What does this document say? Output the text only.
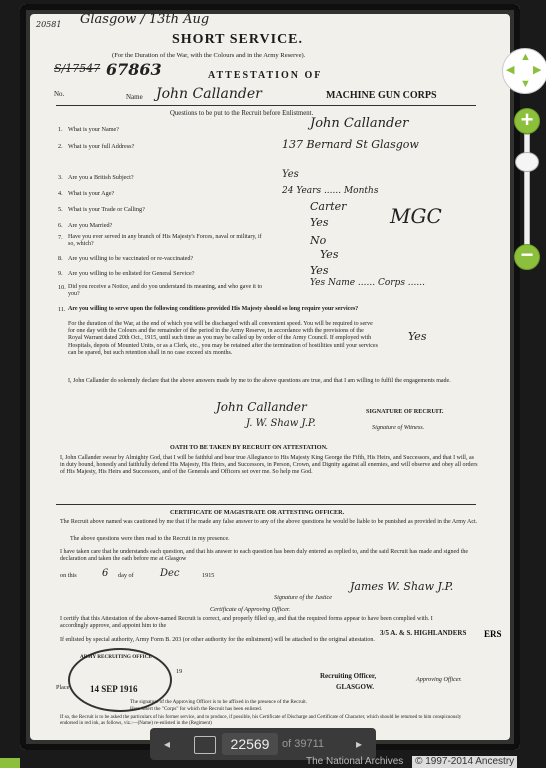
20581 Glasgow / 13th Aug
SHORT SERVICE.
(For the Duration of the War, with the Colours and in the Army Reserve).
S/17547 67863	ATTESTATION OF
MACHINE GUN CORPS
No.	Name John Callander
Questions to be put to the Recruit before Enlistment.
1. What is your Name?	John Callander
2. What is your full Address?	137 Bernard St Glasgow
3. Are you a British Subject?	Yes
4. What is your Age?	24 Years ...... Months
5. What is your Trade or Calling?	Carter
6. Are you Married?	Yes	MGC
7. Have you ever served in any branch of His Majesty's Forces, naval or military, if so, which?	No
8. Are you willing to be vaccinated or re-vaccinated?	Yes
9. Are you willing to be enlisted for General Service?	Yes
10. Did you receive a Notice, and do you understand its meaning, and who gave it to you?
Yes Name ...... Corps ......
11. Are you willing to serve upon the following conditions provided His Majesty should so long require your services?
Yes
For the duration of the War, at the end of which you will be discharged with all convenient speed. You will be required to serve for one day with the Colours and the remainder of the period in the Army Reserve, in accordance with the provisions of the Royal Warrant dated 20th Oct., 1915, until such time as you may be called up by order of the Army Council. If employed with Hospitals, depots of Mounted Units, or as a Clerk, etc., you may be retained after the termination of hostilities until your services can be spared, but such retention shall in no case exceed six months.
I, John Callander do solemnly declare that the above answers made by me to the above questions are true, and that I am willing to fulfil the engagements made.
John Callander	SIGNATURE OF RECRUIT.
J. W. Shaw J.P.	Signature of Witness.
OATH TO BE TAKEN BY RECRUIT ON ATTESTATION.
I, John Callander swear by Almighty God, that I will be faithful and bear true Allegiance to His Majesty King George the Fifth, His Heirs, and Successors, and that I will, as in duty bound, honestly and faithfully defend His Majesty, His Heirs, and Successors, in Person, Crown, and Dignity against all enemies, and will observe and obey all orders of His Majesty, His Heirs and Successors, and of the Generals and Officers set over me. So help me God.
CERTIFICATE OF MAGISTRATE OR ATTESTING OFFICER.
The Recruit above named was cautioned by me that if he made any false answer to any of the above questions he would be liable to be punished as provided in the Army Act.
The above questions were then read to the Recruit in my presence.
I have taken care that he understands each question, and that his answer to each question has been duly entered as replied to, and the said Recruit has made and signed the declaration and taken the oath before me at Glasgow
on this	6 day of	Dec	1915
James W. Shaw J.P.
Signature of the Justice
Certificate of Approving Officer.
I certify that this Attestation of the above-named Recruit is correct, and properly filled up, and that the required forms appear to have been complied with. I accordingly approve, and appoint him to the
3/5 A. & S. HIGHLANDERS ERS
If enlisted by special authority, Army Form B. 203 (or other authority for the enlistment) will be attached to the original attestation.
ARMY RECRUITING OFFICE
14 SEP 1916
Place
19
Recruiting Officer,
GLASGOW.
Approving Officer.
The signature of the Approving Officer is to be affixed in the presence of the Recruit.
Here insert the "Corps" for which the Recruit has been enlisted.
If so, the Recruit is to be asked the particulars of his former service, and to produce, if possible, his Certificate of Discharge and Certificate of Character, which should be returned to him conspicuously endorsed in red ink, as follows, viz.:—(Name) re-enlisted in the (Regiment)
▲
▼
◀ ▶
+
−
◂	22569	of 39711	▸
The National Archives © 1997-2014 Ancestry
